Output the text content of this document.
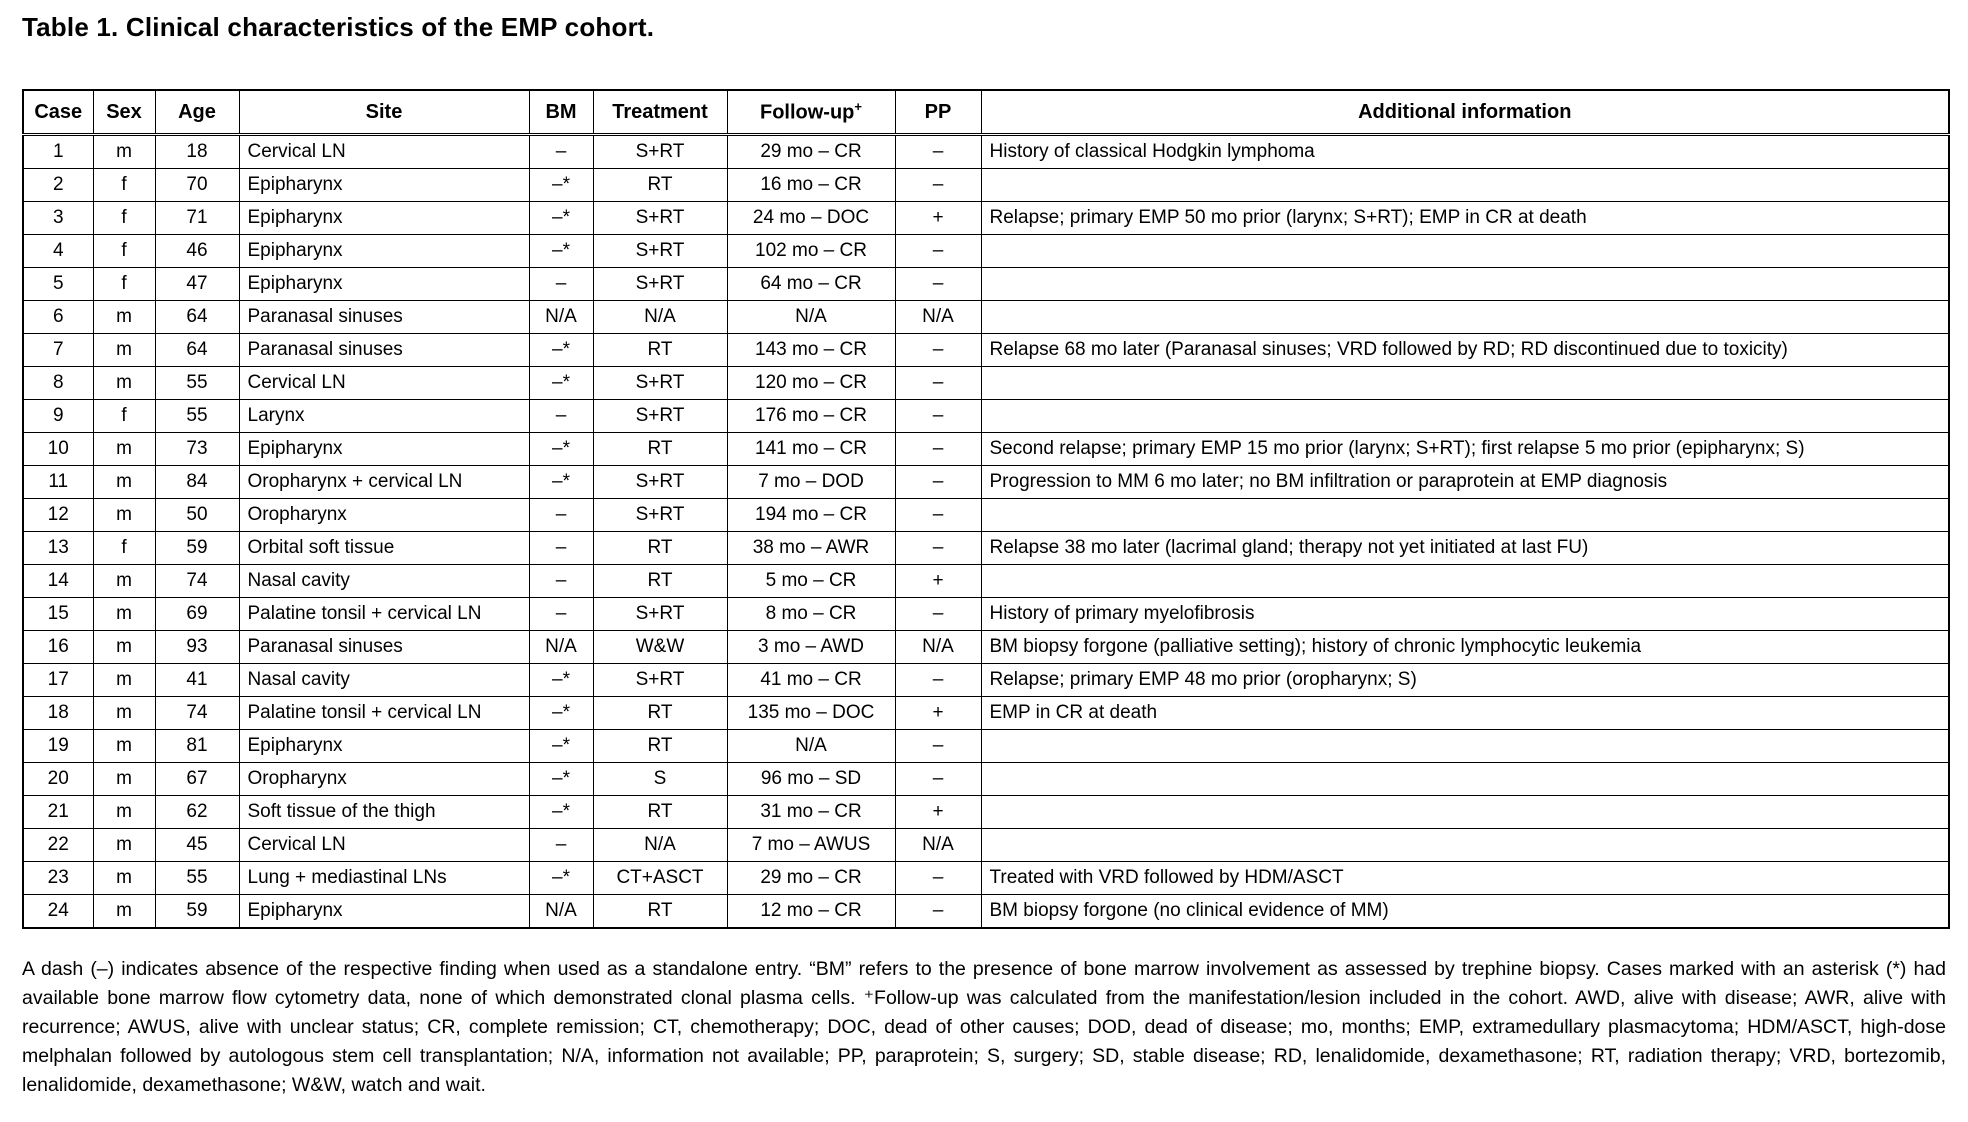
Table 1. Clinical characteristics of the EMP cohort.
Case	Sex	Age	Site	BM	Treatment	Follow-up+	PP	Additional information
1	m	18	Cervical LN	–	S+RT	29 mo – CR	–	History of classical Hodgkin lymphoma
2	f	70	Epipharynx	–*	RT	16 mo – CR	–	
3	f	71	Epipharynx	–*	S+RT	24 mo – DOC	+	Relapse; primary EMP 50 mo prior (larynx; S+RT); EMP in CR at death
4	f	46	Epipharynx	–*	S+RT	102 mo – CR	–	
5	f	47	Epipharynx	–	S+RT	64 mo – CR	–	
6	m	64	Paranasal sinuses	N/A	N/A	N/A	N/A	
7	m	64	Paranasal sinuses	–*	RT	143 mo – CR	–	Relapse 68 mo later (Paranasal sinuses; VRD followed by RD; RD discontinued due to toxicity)
8	m	55	Cervical LN	–*	S+RT	120 mo – CR	–	
9	f	55	Larynx	–	S+RT	176 mo – CR	–	
10	m	73	Epipharynx	–*	RT	141 mo – CR	–	Second relapse; primary EMP 15 mo prior (larynx; S+RT); first relapse 5 mo prior (epipharynx; S)
11	m	84	Oropharynx + cervical LN	–*	S+RT	7 mo – DOD	–	Progression to MM 6 mo later; no BM infiltration or paraprotein at EMP diagnosis
12	m	50	Oropharynx	–	S+RT	194 mo – CR	–	
13	f	59	Orbital soft tissue	–	RT	38 mo – AWR	–	Relapse 38 mo later (lacrimal gland; therapy not yet initiated at last FU)
14	m	74	Nasal cavity	–	RT	5 mo – CR	+	
15	m	69	Palatine tonsil + cervical LN	–	S+RT	8 mo – CR	–	History of primary myelofibrosis
16	m	93	Paranasal sinuses	N/A	W&W	3 mo – AWD	N/A	BM biopsy forgone (palliative setting); history of chronic lymphocytic leukemia
17	m	41	Nasal cavity	–*	S+RT	41 mo – CR	–	Relapse; primary EMP 48 mo prior (oropharynx; S)
18	m	74	Palatine tonsil + cervical LN	–*	RT	135 mo – DOC	+	EMP in CR at death
19	m	81	Epipharynx	–*	RT	N/A	–	
20	m	67	Oropharynx	–*	S	96 mo – SD	–	
21	m	62	Soft tissue of the thigh	–*	RT	31 mo – CR	+	
22	m	45	Cervical LN	–	N/A	7 mo – AWUS	N/A	
23	m	55	Lung + mediastinal LNs	–*	CT+ASCT	29 mo – CR	–	Treated with VRD followed by HDM/ASCT
24	m	59	Epipharynx	N/A	RT	12 mo – CR	–	BM biopsy forgone (no clinical evidence of MM)

A dash (–) indicates absence of the respective finding when used as a standalone entry. “BM” refers to the presence of bone marrow involvement as assessed by trephine biopsy. Cases marked with an asterisk (*) had available bone marrow flow cytometry data, none of which demonstrated clonal plasma cells. ⁺Follow-up was calculated from the manifestation/lesion included in the cohort. AWD, alive with disease; AWR, alive with recurrence; AWUS, alive with unclear status; CR, complete remission; CT, chemotherapy; DOC, dead of other causes; DOD, dead of disease; mo, months; EMP, extramedullary plasmacytoma; HDM/ASCT, high-dose melphalan followed by autologous stem cell transplantation; N/A, information not available; PP, paraprotein; S, surgery; SD, stable disease; RD, lenalidomide, dexamethasone; RT, radiation therapy; VRD, bortezomib, lenalidomide, dexamethasone; W&W, watch and wait.
